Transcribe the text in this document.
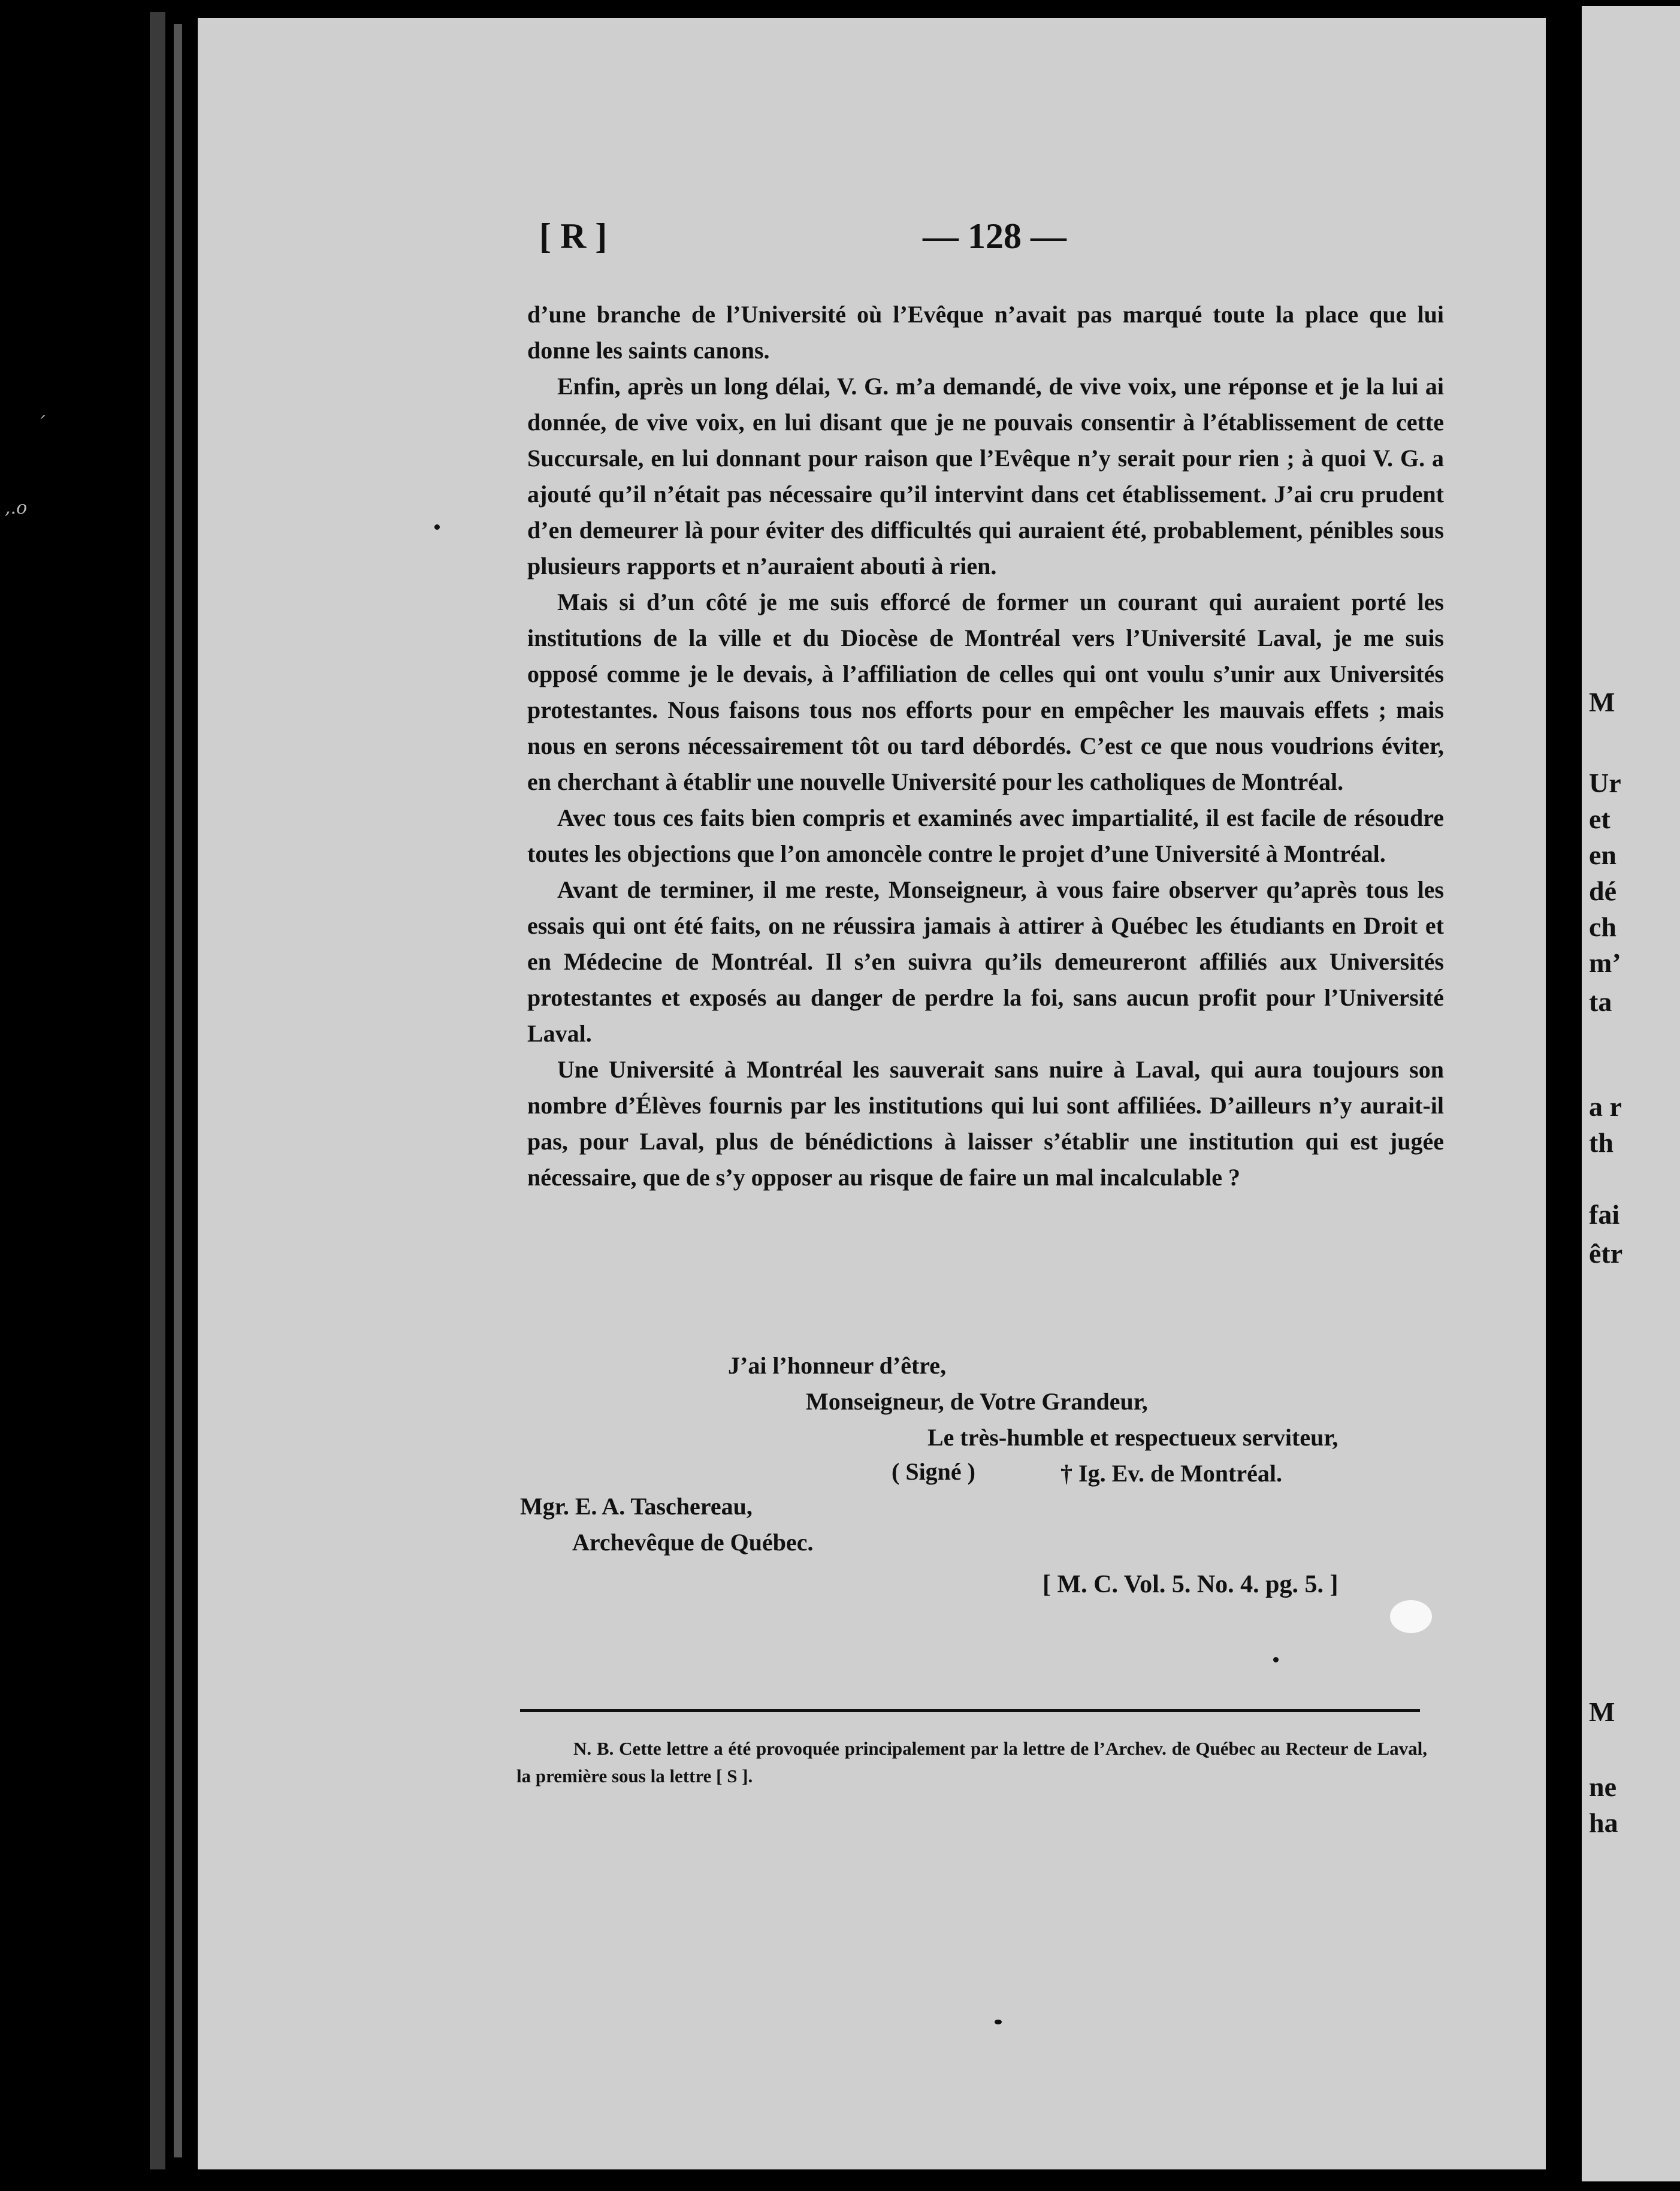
´
,.o
M
Ur
et
en
dé
ch
m’
ta
a r
th
fai
êtr
M
ne
ha
[ R ]	— 128 —

d’une branche de l’Université où l’Evêque n’avait pas marqué toute la place que lui donne les saints canons.

Enfin, après un long délai, V. G. m’a demandé, de vive voix, une réponse et je la lui ai donnée, de vive voix, en lui disant que je ne pouvais consentir à l’établissement de cette Succursale, en lui donnant pour raison que l’Evêque n’y serait pour rien ; à quoi V. G. a ajouté qu’il n’était pas nécessaire qu’il intervint dans cet établissement. J’ai cru prudent d’en demeurer là pour éviter des difficultés qui auraient été, probablement, pénibles sous plusieurs rapports et n’auraient abouti à rien.

Mais si d’un côté je me suis efforcé de former un courant qui auraient porté les institutions de la ville et du Diocèse de Montréal vers l’Université Laval, je me suis opposé comme je le devais, à l’affiliation de celles qui ont voulu s’unir aux Universités protestantes. Nous faisons tous nos efforts pour en empêcher les mauvais effets ; mais nous en serons nécessairement tôt ou tard débordés. C’est ce que nous voudrions éviter, en cherchant à établir une nouvelle Université pour les catholiques de Montréal.

Avec tous ces faits bien compris et examinés avec impartialité, il est facile de résoudre toutes les objections que l’on amoncèle contre le projet d’une Université à Montréal.

Avant de terminer, il me reste, Monseigneur, à vous faire observer qu’après tous les essais qui ont été faits, on ne réussira jamais à attirer à Québec les étudiants en Droit et en Médecine de Montréal. Il s’en suivra qu’ils demeureront affiliés aux Universités protestantes et exposés au danger de perdre la foi, sans aucun profit pour l’Université Laval.

Une Université à Montréal les sauverait sans nuire à Laval, qui aura toujours son nombre d’Élèves fournis par les institutions qui lui sont affiliées. D’ailleurs n’y aurait-il pas, pour Laval, plus de bénédictions à laisser s’établir une institution qui est jugée nécessaire, que de s’y opposer au risque de faire un mal incalculable ?

J’ai l’honneur d’être,
Monseigneur, de Votre Grandeur,
Le très-humble et respectueux serviteur,
( Signé )	† Ig. Ev. de Montréal.
Mgr. E. A. Taschereau,
Archevêque de Québec.
[ M. C. Vol. 5. No. 4. pg. 5. ]
N. B. Cette lettre a été provoquée principalement par la lettre de l’Archev. de Québec au Recteur de Laval, la première sous la lettre [ S ].
